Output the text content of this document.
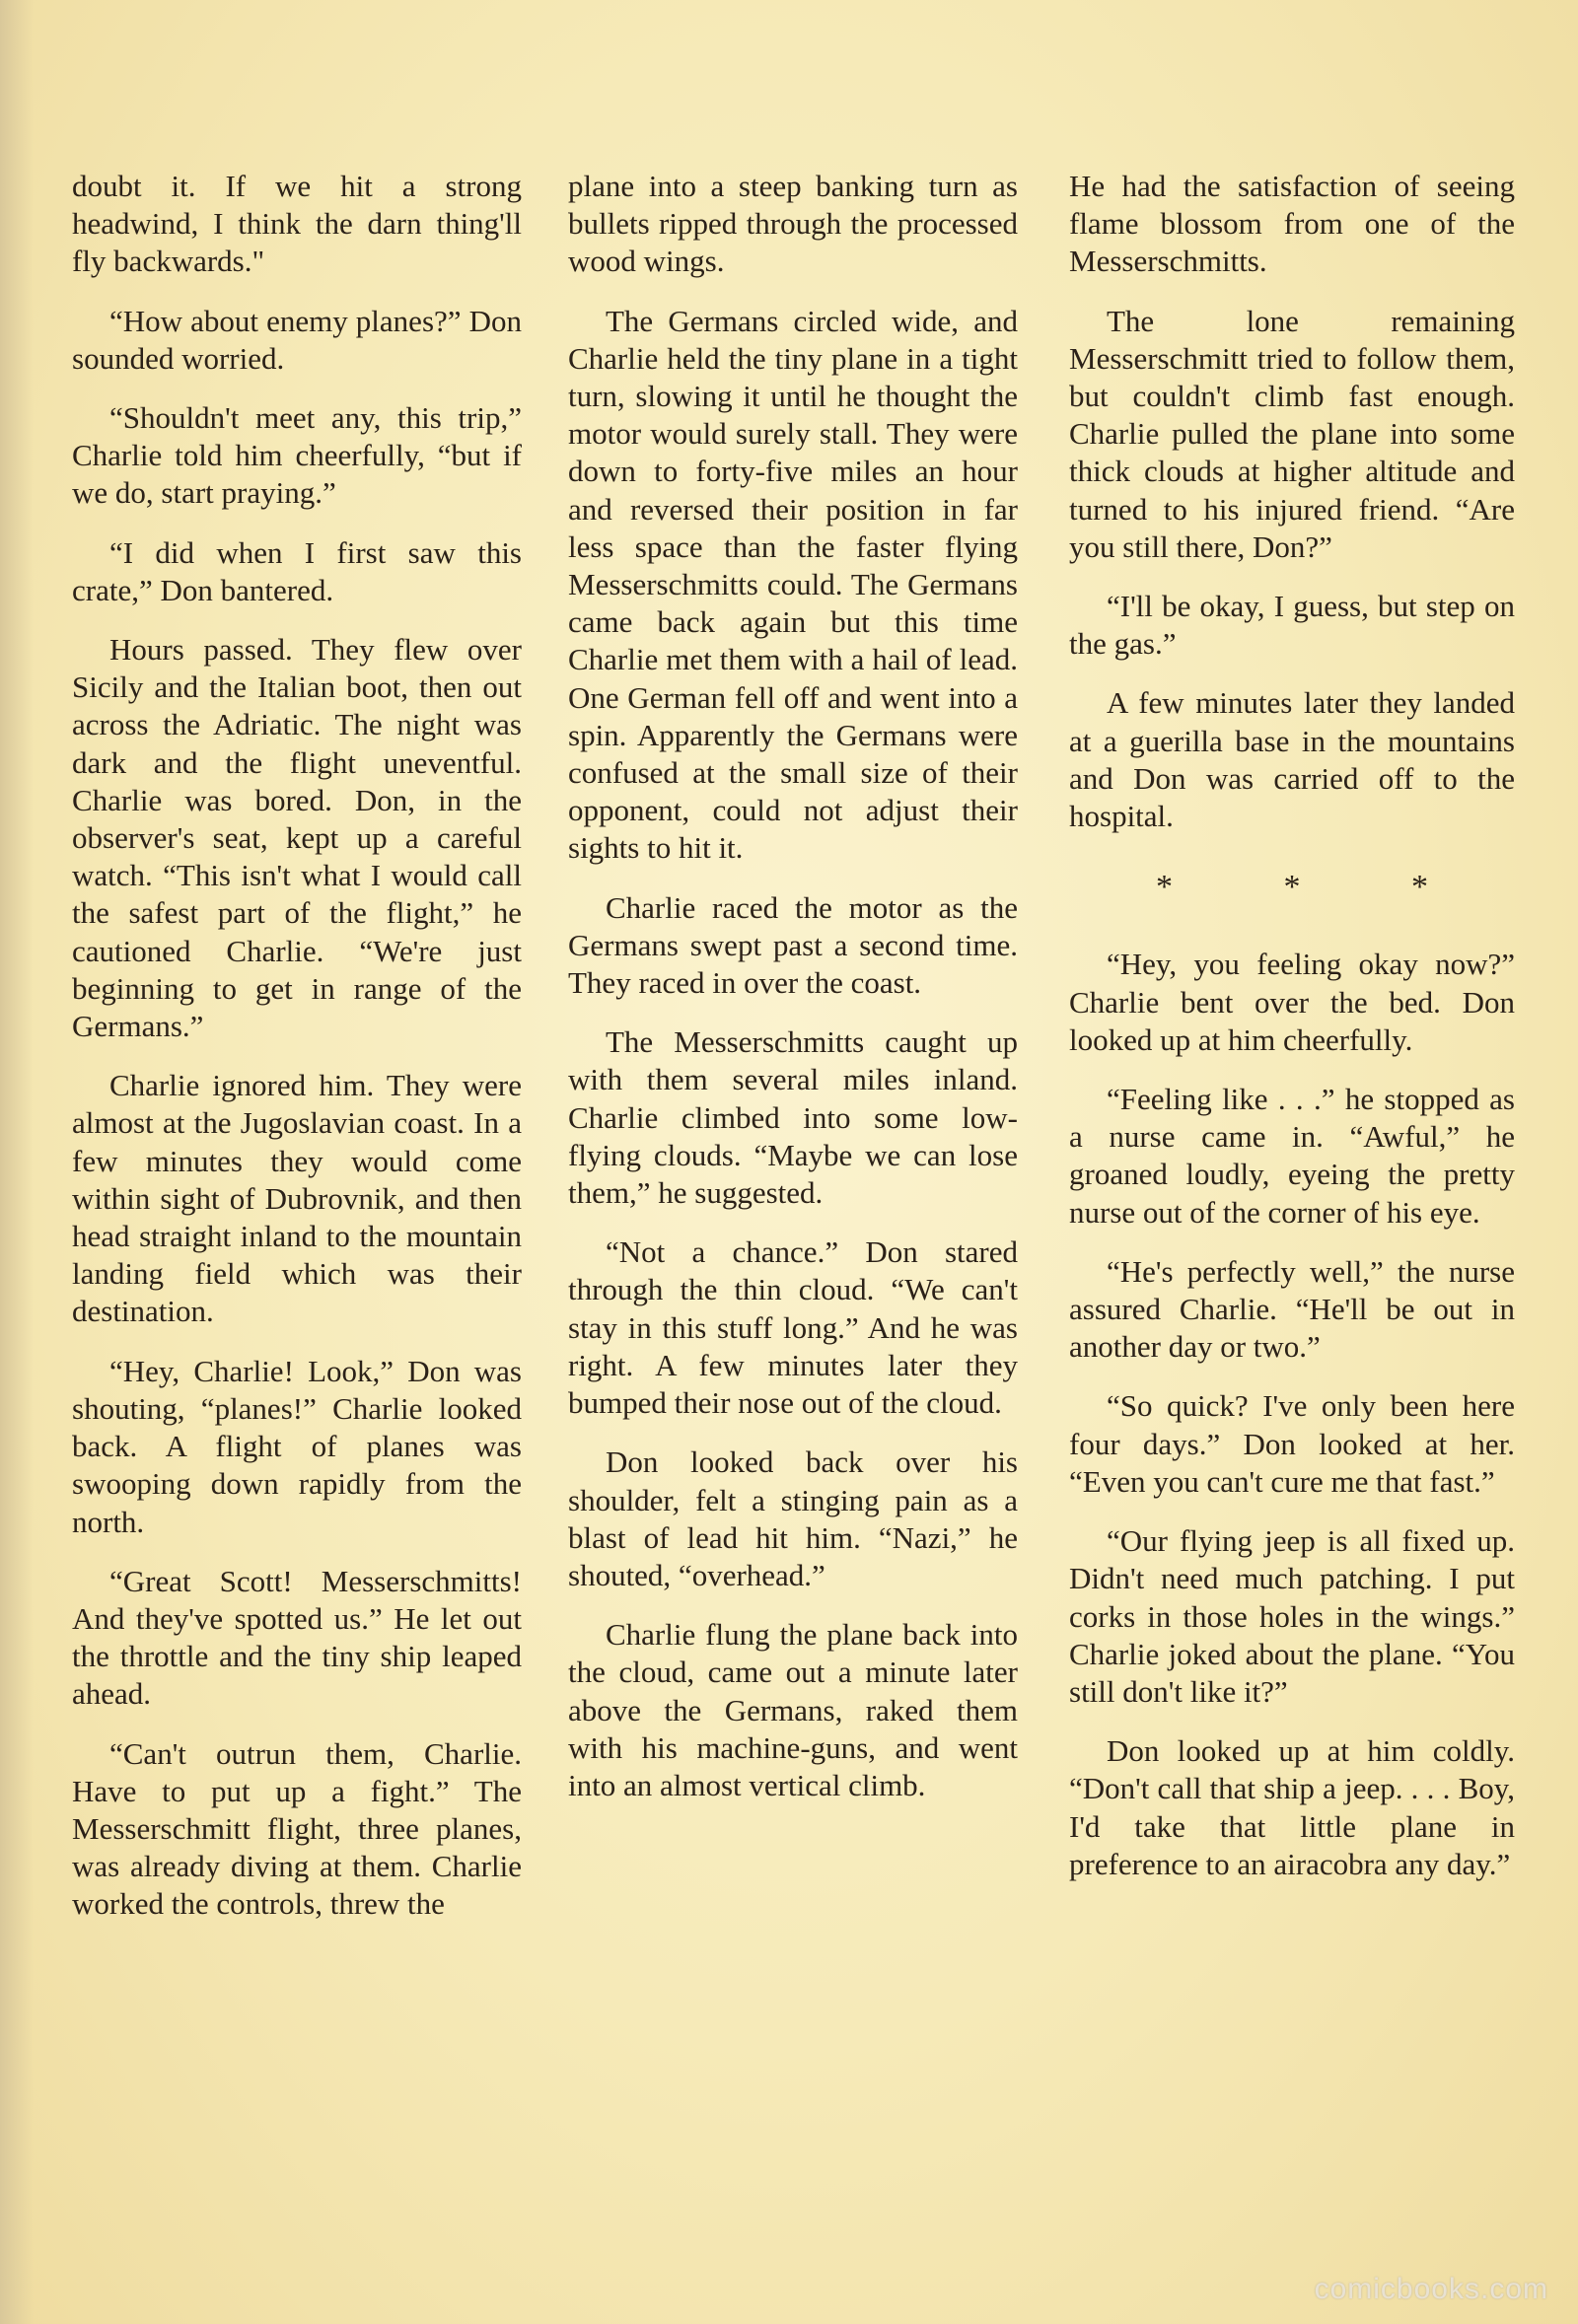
doubt it. If we hit a strong headwind, I think the darn thing'll fly backwards."

“How about enemy planes?” Don sounded worried.

“Shouldn't meet any, this trip,” Charlie told him cheerfully, “but if we do, start praying.”

“I did when I first saw this crate,” Don bantered.

Hours passed. They flew over Sicily and the Italian boot, then out across the Adriatic. The night was dark and the flight uneventful. Charlie was bored. Don, in the observer's seat, kept up a careful watch. “This isn't what I would call the safest part of the flight,” he cautioned Charlie. “We're just beginning to get in range of the Germans.”

Charlie ignored him. They were almost at the Jugoslavian coast. In a few minutes they would come within sight of Dubrovnik, and then head straight inland to the mountain landing field which was their destination.

“Hey, Charlie! Look,” Don was shouting, “planes!” Charlie looked back. A flight of planes was swooping down rapidly from the north.

“Great Scott! Messerschmitts! And they've spotted us.” He let out the throttle and the tiny ship leaped ahead.

“Can't outrun them, Charlie. Have to put up a fight.” The Messerschmitt flight, three planes, was already diving at them. Charlie worked the controls, threw the

plane into a steep banking turn as bullets ripped through the processed wood wings.

The Germans circled wide, and Charlie held the tiny plane in a tight turn, slowing it until he thought the motor would surely stall. They were down to forty-five miles an hour and reversed their position in far less space than the faster flying Messerschmitts could. The Germans came back again but this time Charlie met them with a hail of lead. One German fell off and went into a spin. Apparently the Germans were confused at the small size of their opponent, could not adjust their sights to hit it.

Charlie raced the motor as the Germans swept past a second time. They raced in over the coast.

The Messerschmitts caught up with them several miles inland. Charlie climbed into some low-flying clouds. “Maybe we can lose them,” he suggested.

“Not a chance.” Don stared through the thin cloud. “We can't stay in this stuff long.” And he was right. A few minutes later they bumped their nose out of the cloud.

Don looked back over his shoulder, felt a stinging pain as a blast of lead hit him. “Nazi,” he shouted, “overhead.”

Charlie flung the plane back into the cloud, came out a minute later above the Germans, raked them with his machine-guns, and went into an almost vertical climb.

He had the satisfaction of seeing flame blossom from one of the Messerschmitts.

The lone remaining Messerschmitt tried to follow them, but couldn't climb fast enough. Charlie pulled the plane into some thick clouds at higher altitude and turned to his injured friend. “Are you still there, Don?”

“I'll be okay, I guess, but step on the gas.”

A few minutes later they landed at a guerilla base in the mountains and Don was carried off to the hospital.

* * *

“Hey, you feeling okay now?” Charlie bent over the bed. Don looked up at him cheerfully.

“Feeling like . . .” he stopped as a nurse came in. “Awful,” he groaned loudly, eyeing the pretty nurse out of the corner of his eye.

“He's perfectly well,” the nurse assured Charlie. “He'll be out in another day or two.”

“So quick? I've only been here four days.” Don looked at her. “Even you can't cure me that fast.”

“Our flying jeep is all fixed up. Didn't need much patching. I put corks in those holes in the wings.” Charlie joked about the plane. “You still don't like it?”

Don looked up at him coldly. “Don't call that ship a jeep. . . . Boy, I'd take that little plane in preference to an airacobra any day.”

comicbooks.com
